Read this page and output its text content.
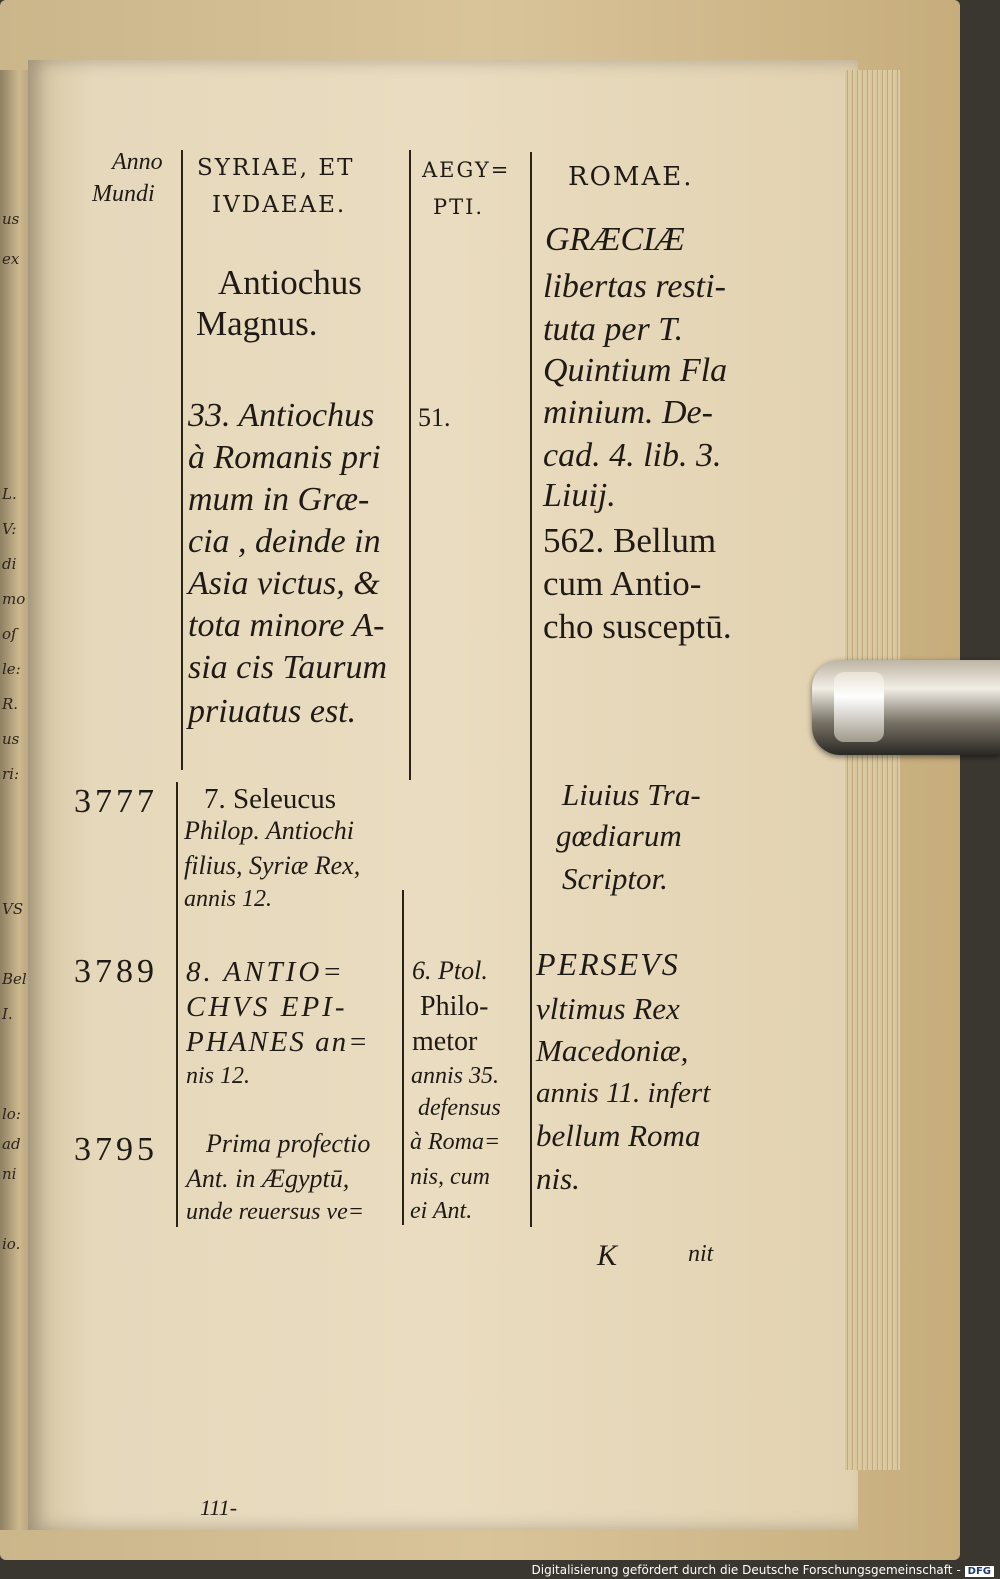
us
ex
L.
V:
di
mo
oſ
le:
R.
us
ri:
VS
Bel
I.
lo:
ad
ni
io.
Anno
Mundi
SYRIAE, ET
IVDAEAE.
AEGY=
PTI.
ROMAE.
Antiochus
Magnus.
GRÆCIÆ
libertas resti-
tuta per T.
Quintium Fla
minium. De-
cad. 4. lib. 3.
Liuij.
33. Antiochus
à Romanis pri
mum in Græ-
cia , deinde in
Asia victus, &
tota minore A-
sia cis Taurum
priuatus est.
51.
562. Bellum
cum Antio-
cho susceptū.
3777 7. Seleucus
Philop. Antiochi
filius, Syriæ Rex,
annis 12.
Liuius Tra-
gœdiarum
Scriptor.
3789 8. ANTIO=
CHVS EPI-
PHANES an=
nis 12.
6. Ptol.
Philo-
metor
annis 35.
defensus
à Roma=
nis, cum
ei Ant.
PERSEVS
vltimus Rex
Macedoniæ,
annis 11. infert
bellum Roma
nis.
3795 Prima profectio
Ant. in Ægyptū,
unde reuersus ve=
K	nit
111-
Digitalisierung gefördert durch die Deutsche Forschungsgemeinschaft - DFG
